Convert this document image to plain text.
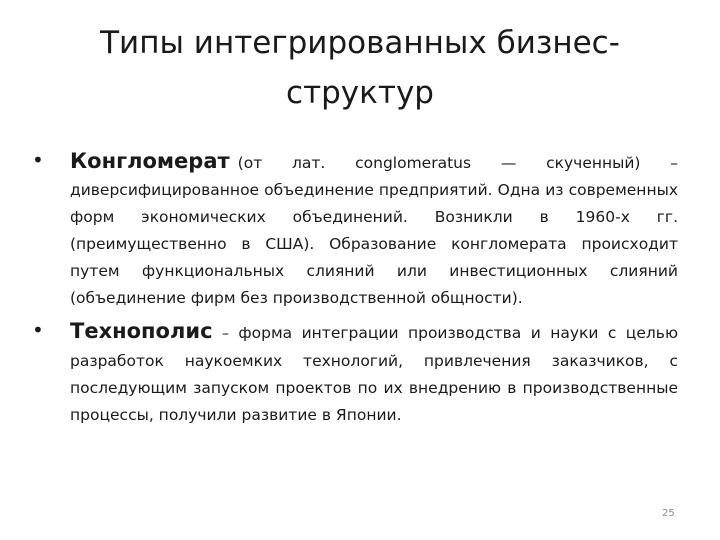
Типы интегрированных бизнес-
структур
• Конгломерат (от лат. conglomeratus — скученный) – диверсифицированное объединение предприятий. Одна из современных форм экономических объединений. Возникли в 1960-х гг. (преимущественно в США). Образование конгломерата происходит путем функциональных слияний или инвестиционных слияний (объединение фирм без производственной общности).
• Технополис – форма интеграции производства и науки с целью разработок наукоемких технологий, привлечения заказчиков, с последующим запуском проектов по их внедрению в производственные процессы, получили развитие в Японии.
25
